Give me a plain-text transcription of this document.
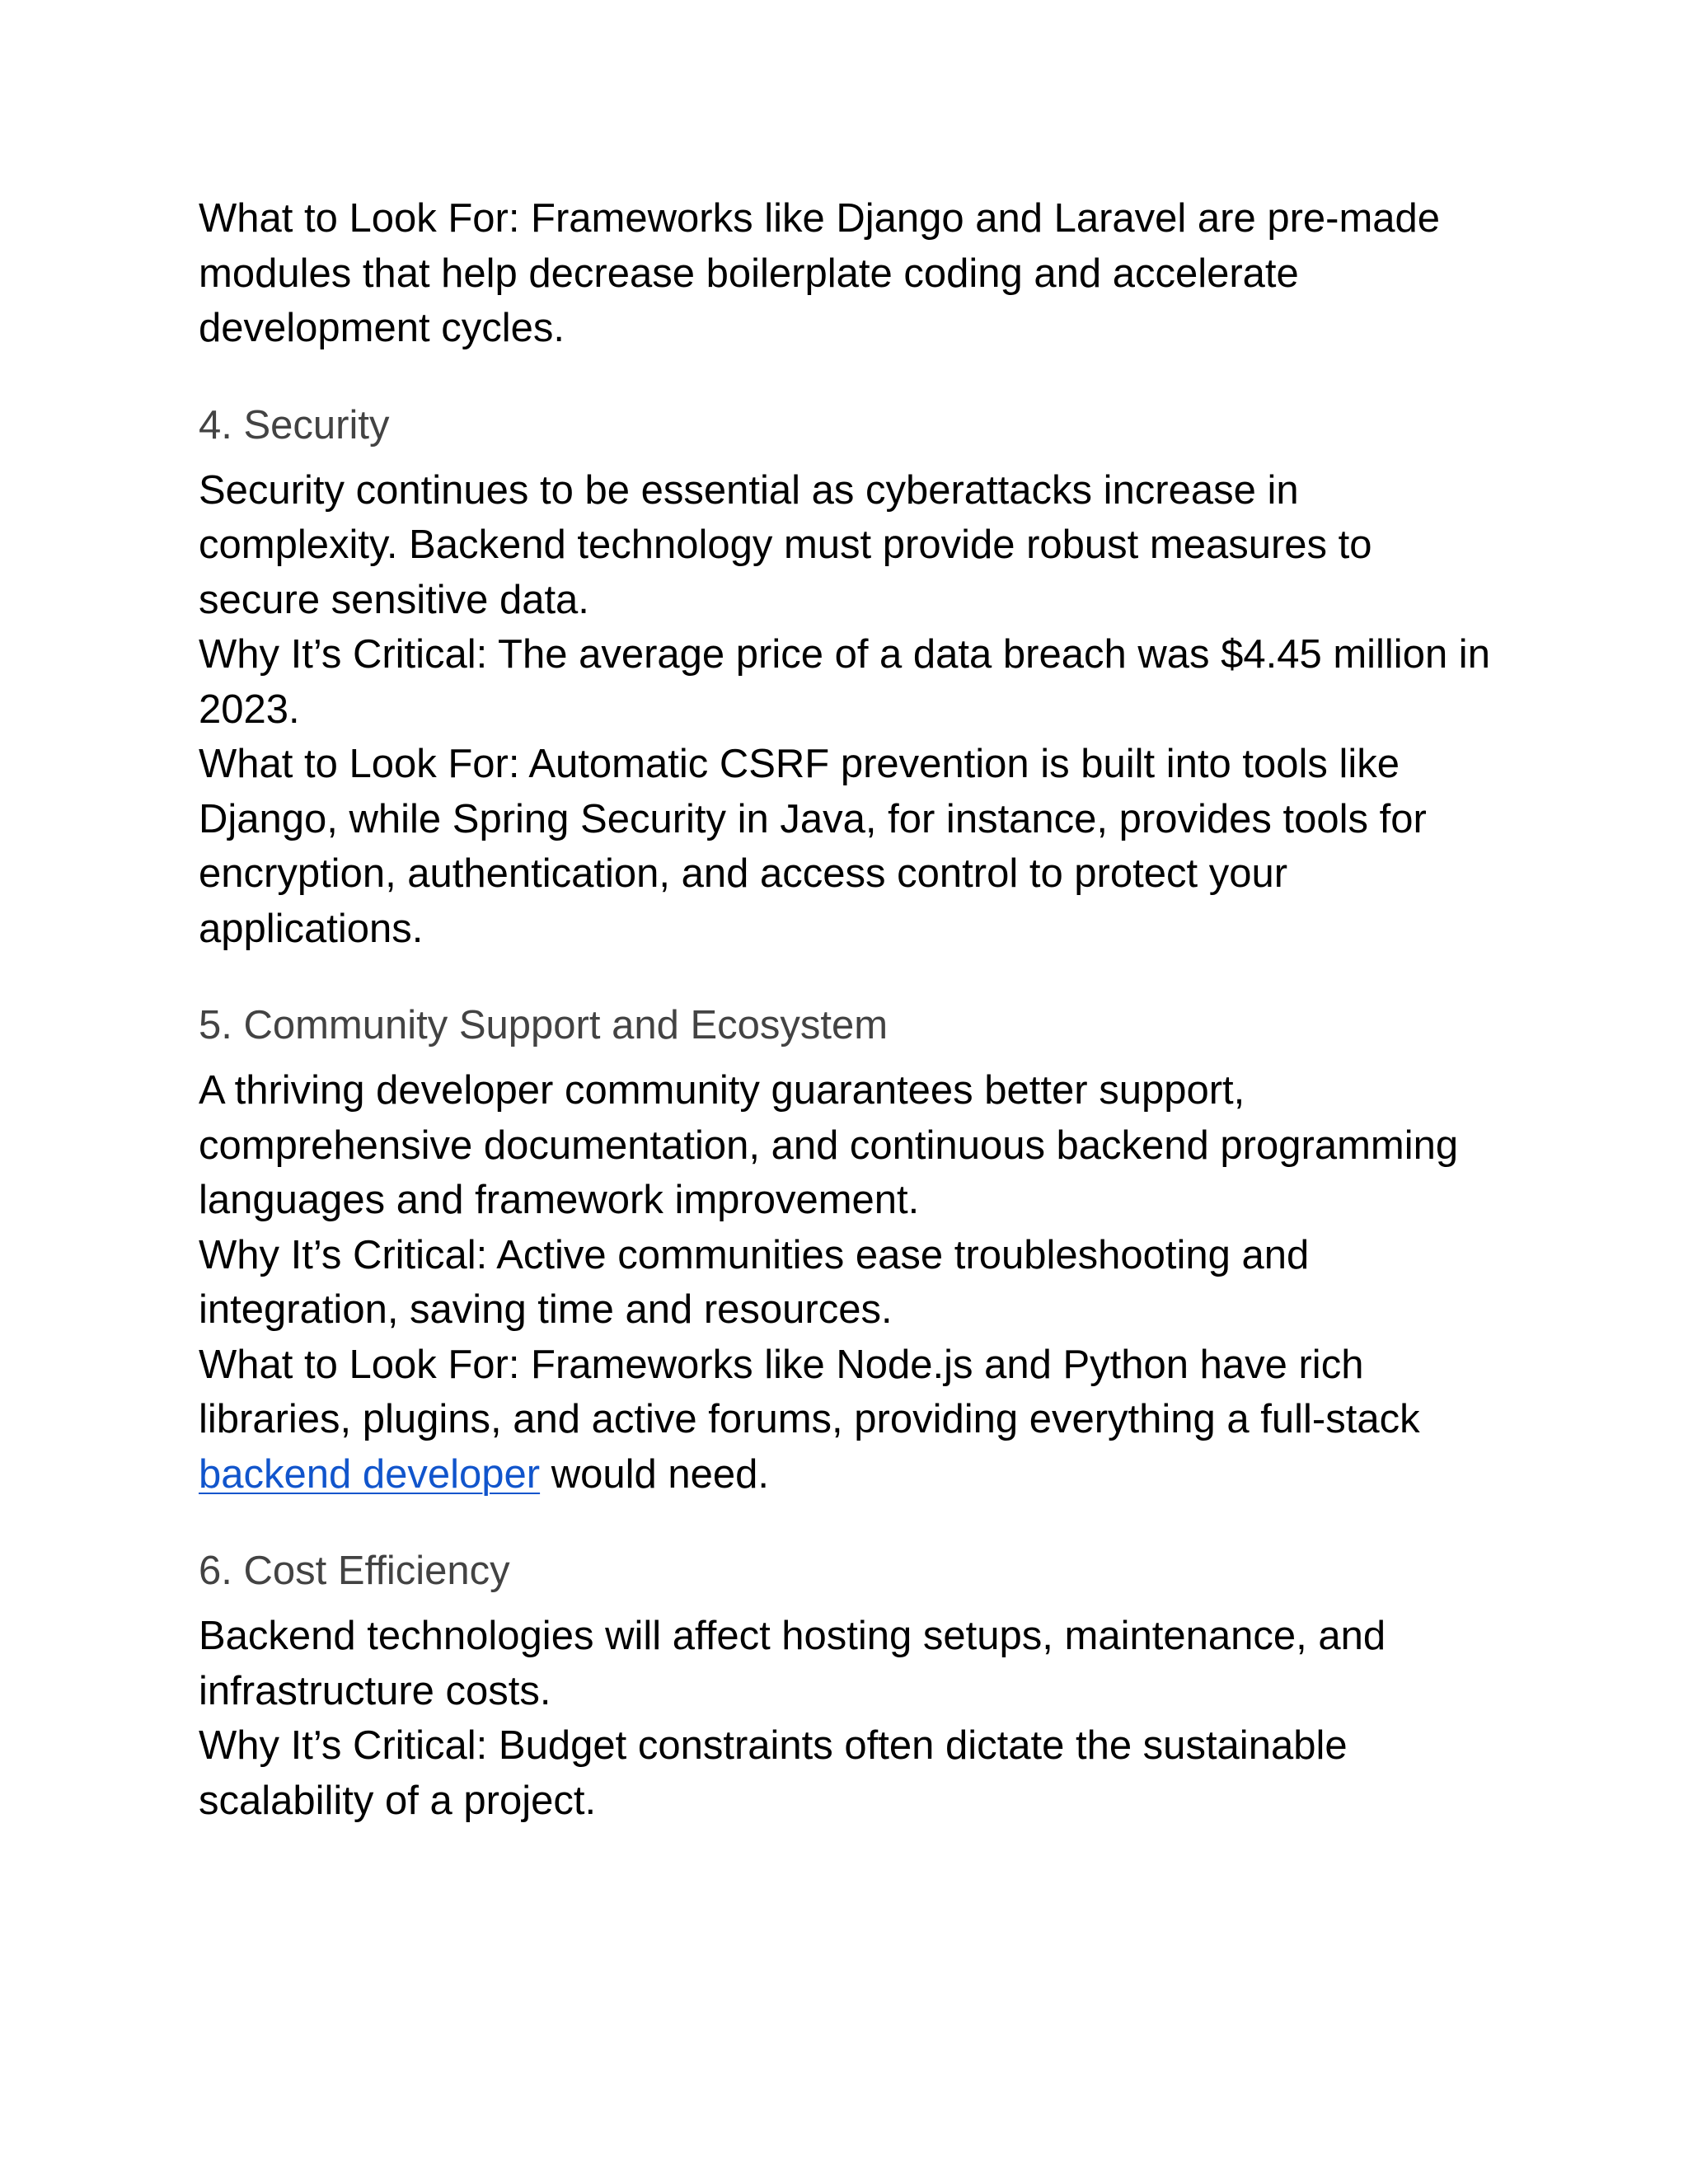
What to Look For: Frameworks like Django and Laravel are pre-made modules that help decrease boilerplate coding and accelerate development cycles.

4. Security

Security continues to be essential as cyberattacks increase in complexity. Backend technology must provide robust measures to secure sensitive data.

Why It’s Critical: The average price of a data breach was $4.45 million in 2023.

What to Look For: Automatic CSRF prevention is built into tools like Django, while Spring Security in Java, for instance, provides tools for encryption, authentication, and access control to protect your applications.

5. Community Support and Ecosystem

A thriving developer community guarantees better support, comprehensive documentation, and continuous backend programming languages and framework improvement.

Why It’s Critical: Active communities ease troubleshooting and integration, saving time and resources.

What to Look For: Frameworks like Node.js and Python have rich libraries, plugins, and active forums, providing everything a full-stack backend developer would need.

6. Cost Efficiency

Backend technologies will affect hosting setups, maintenance, and infrastructure costs.

Why It’s Critical: Budget constraints often dictate the sustainable scalability of a project.
